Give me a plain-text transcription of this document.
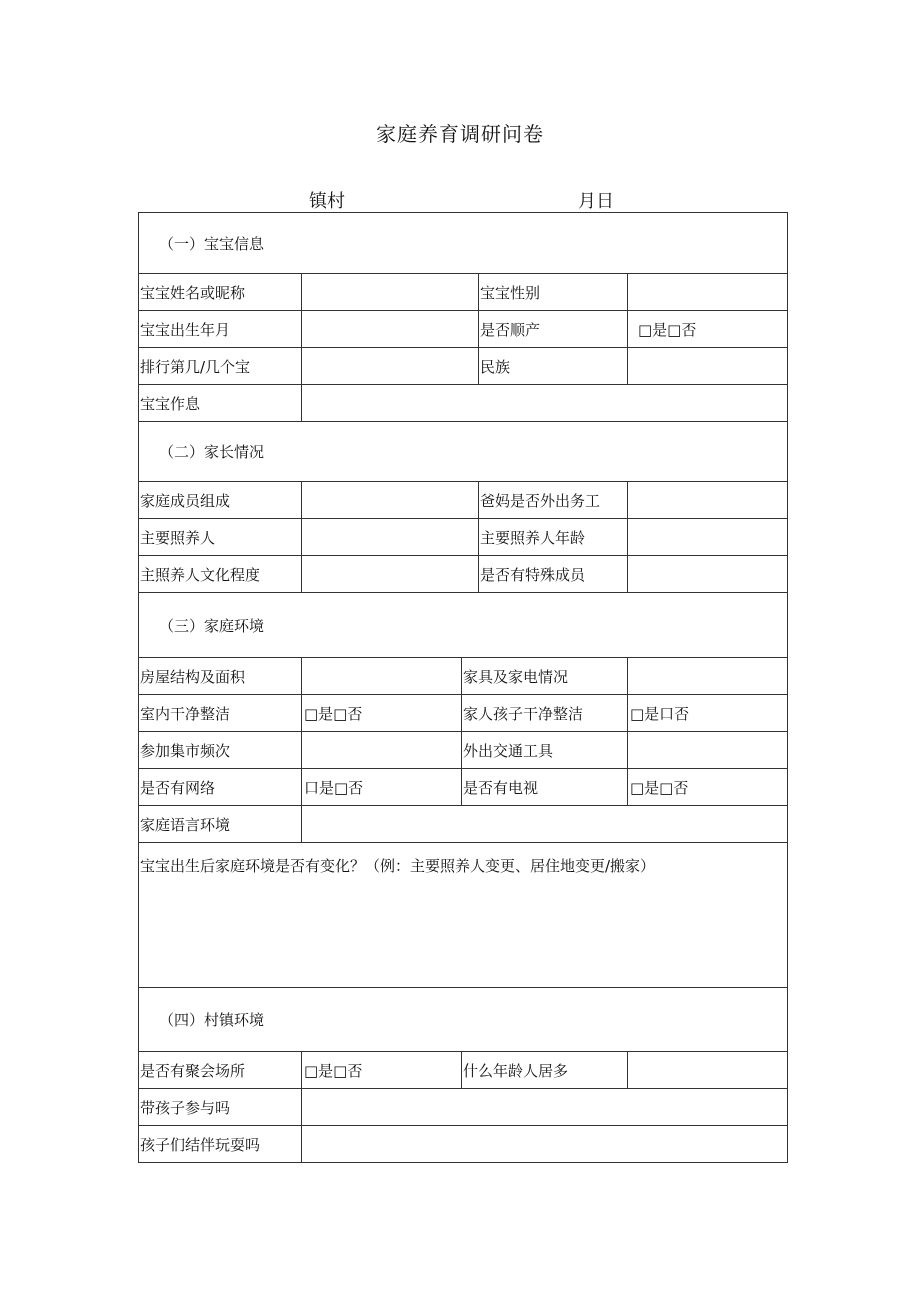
家庭养育调研问卷
镇村	月日
（一）宝宝信息				
宝宝姓名或昵称			宝宝性别	
宝宝出生年月			是否顺产	□是□否
排行第几/几个宝			民族	
宝宝作息				
（二）家长情况				
家庭成员组成			爸妈是否外出务工	
主要照养人			主要照养人年龄	
主照养人文化程度			是否有特殊成员	
（三）家庭环境				
房屋结构及面积		家具及家电情况		
室内干净整洁	□是□否	家人孩子干净整洁		□是口否
参加集市频次		外出交通工具		
是否有网络	口是□否	是否有电视		□是□否
家庭语言环境				
宝宝出生后家庭环境是否有变化？（例：主要照养人变更、居住地变更/搬家）				
（四）村镇环境				
是否有聚会场所	□是□否	什么年龄人居多		
带孩子参与吗				
孩子们结伴玩耍吗				
